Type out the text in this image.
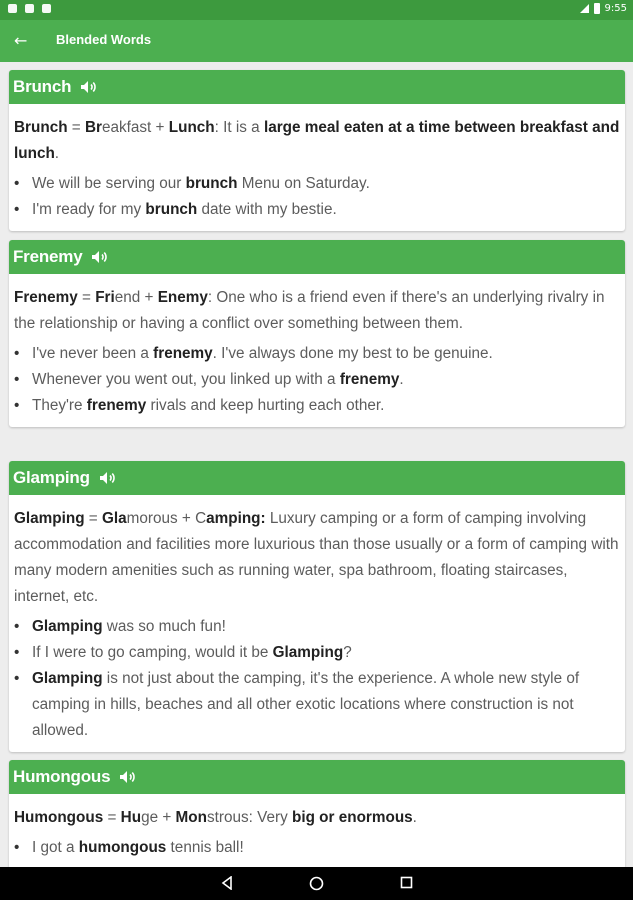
9:55
← Blended Words
Brunch
Brunch = Breakfast + Lunch: It is a large meal eaten at a time between breakfast and lunch.
• We will be serving our brunch Menu on Saturday.
• I'm ready for my brunch date with my bestie.
Frenemy
Frenemy = Friend + Enemy: One who is a friend even if there's an underlying rivalry in the relationship or having a conflict over something between them.
• I've never been a frenemy. I've always done my best to be genuine.
• Whenever you went out, you linked up with a frenemy.
• They're frenemy rivals and keep hurting each other.
Glamping
Glamping = Glamorous + Camping: Luxury camping or a form of camping involving accommodation and facilities more luxurious than those usually or a form of camping with many modern amenities such as running water, spa bathroom, floating staircases, internet, etc.
• Glamping was so much fun!
• If I were to go camping, would it be Glamping?
• Glamping is not just about the camping, it's the experience. A whole new style of camping in hills, beaches and all other exotic locations where construction is not allowed.
Humongous
Humongous = Huge + Monstrous: Very big or enormous.
• I got a humongous tennis ball!
